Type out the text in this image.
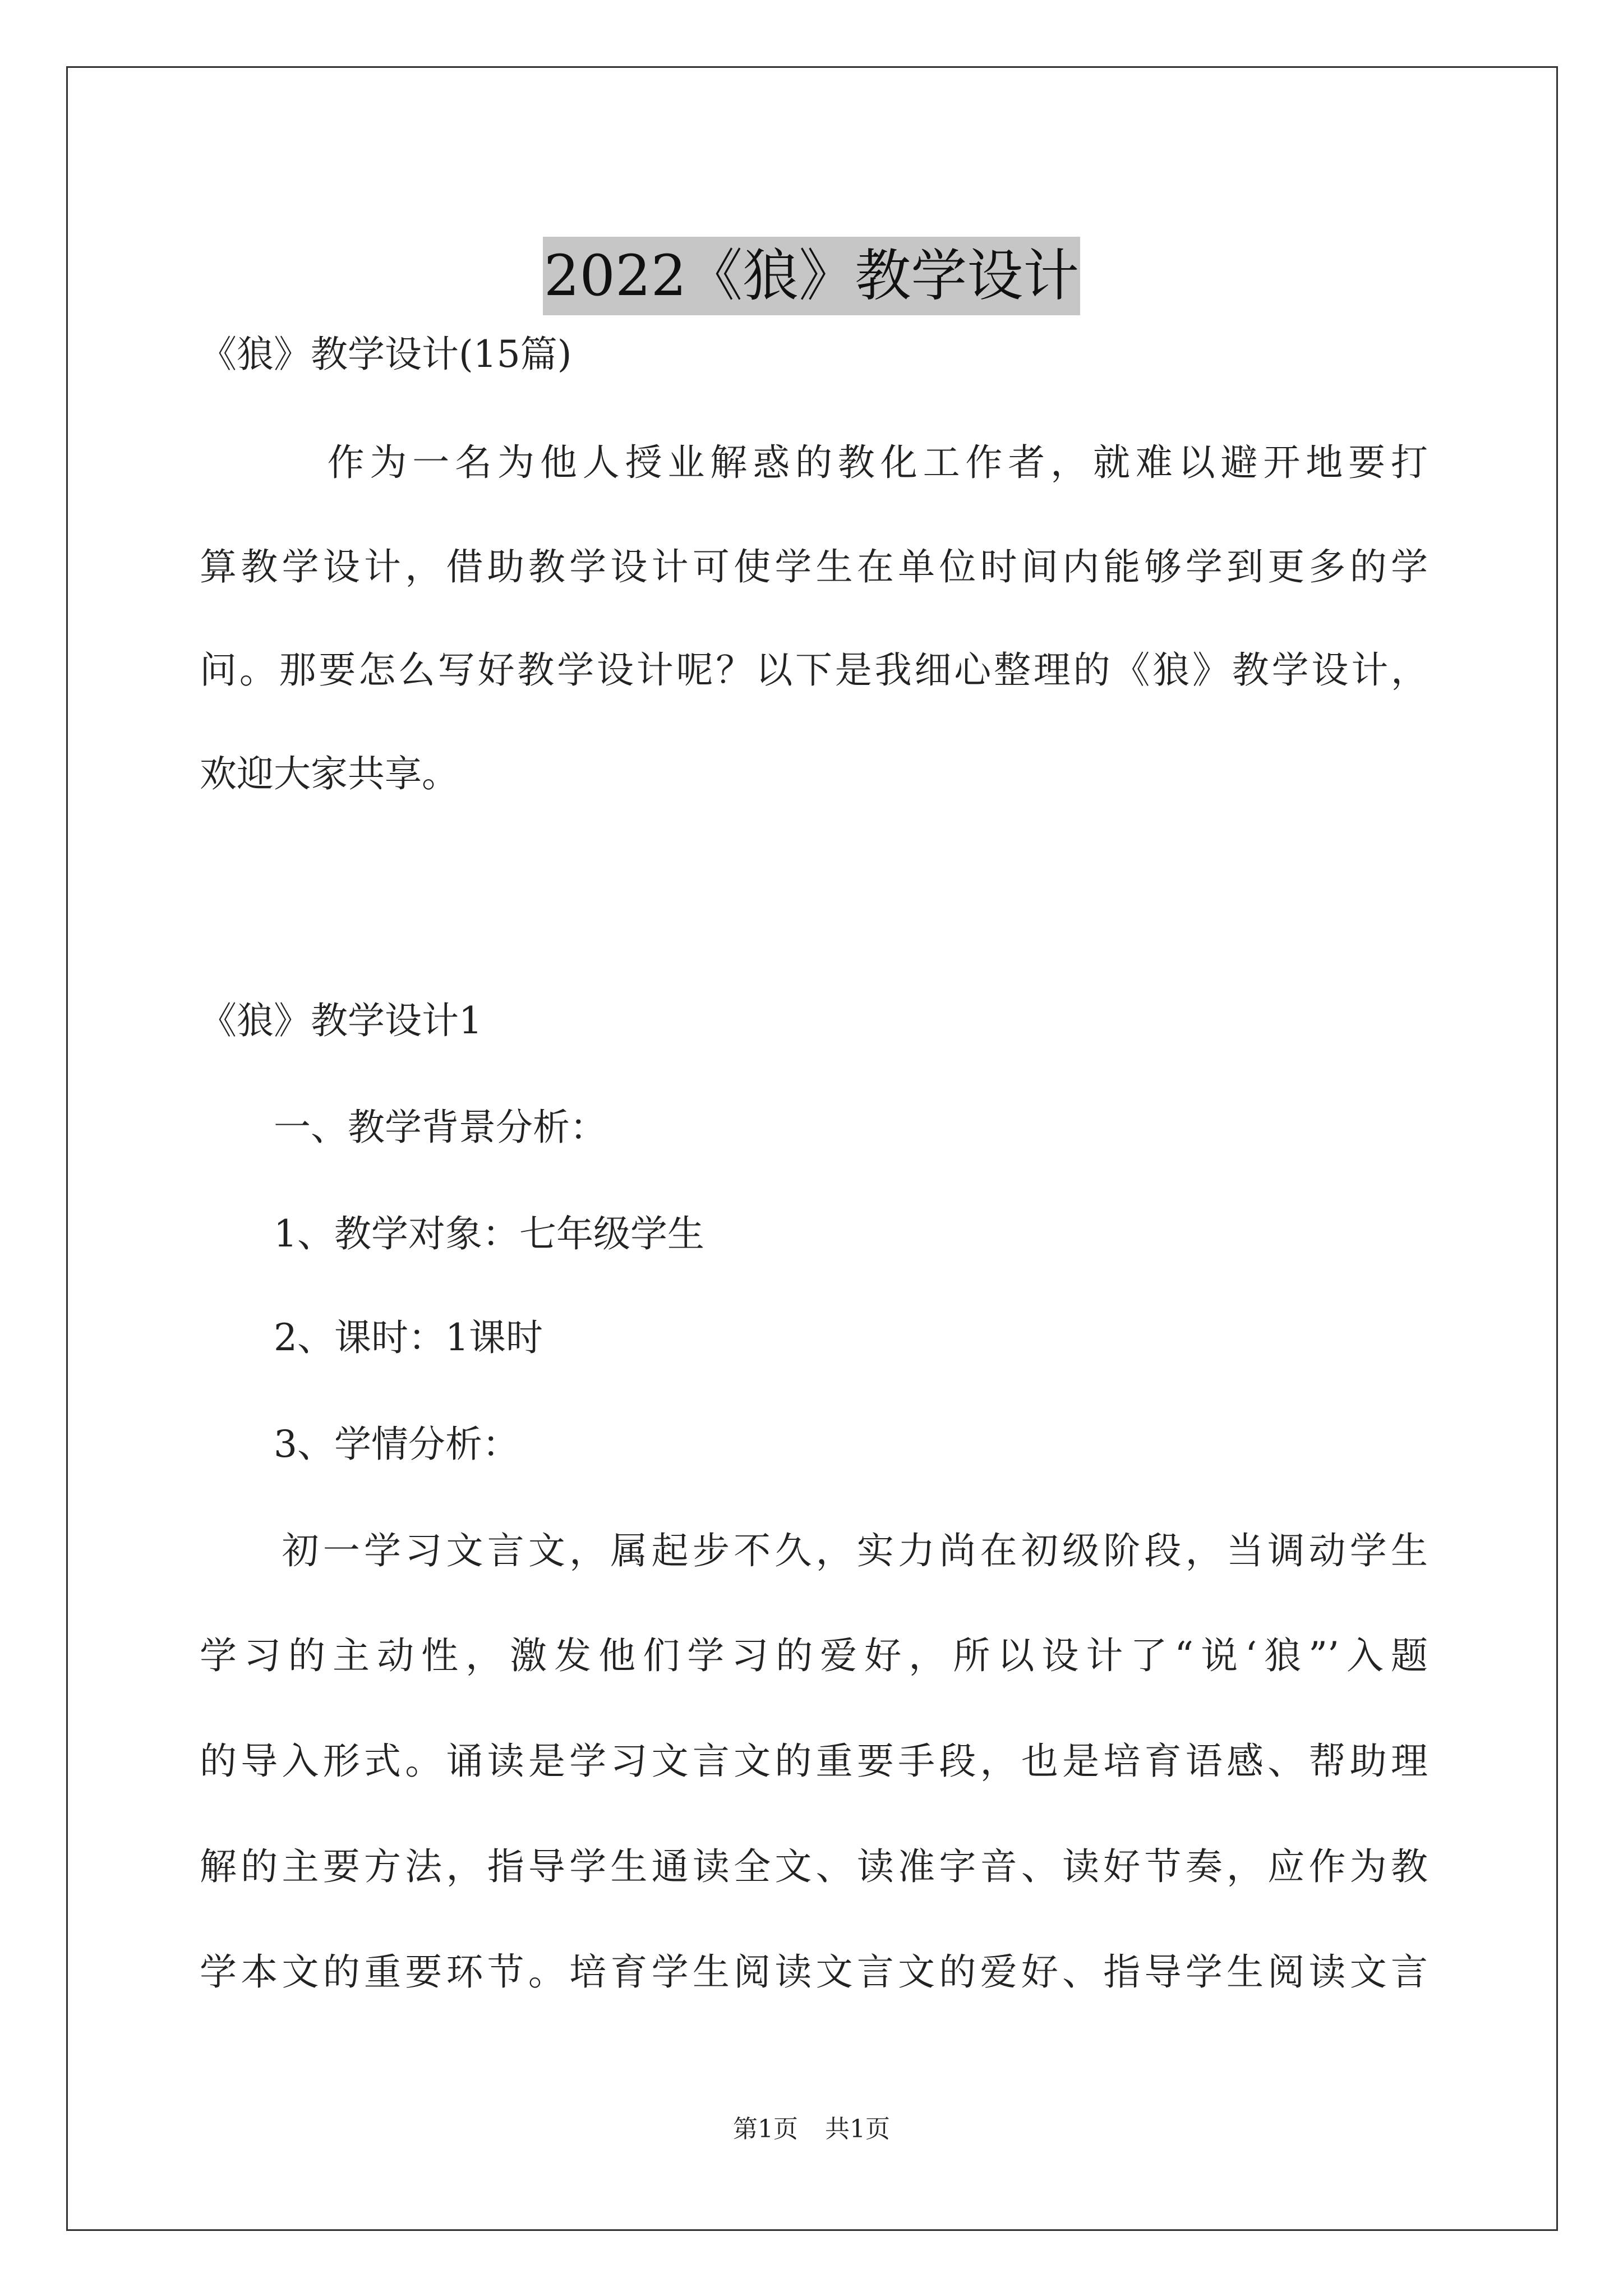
2022《狼》教学设计
《狼》教学设计(15篇)
　　　作为一名为他人授业解惑的教化工作者，就难以避开地要打
算教学设计，借助教学设计可使学生在单位时间内能够学到更多的学
问。那要怎么写好教学设计呢？以下是我细心整理的《狼》教学设计，
欢迎大家共享。
《狼》教学设计1
　　一、教学背景分析：
　　1、教学对象：七年级学生
　　2、课时：1课时
　　3、学情分析：
　　初一学习文言文，属起步不久，实力尚在初级阶段，当调动学生
学习的主动性，激发他们学习的爱好，所以设计了“说‘狼”’入题
的导入形式。诵读是学习文言文的重要手段，也是培育语感、帮助理
解的主要方法，指导学生通读全文、读准字音、读好节奏，应作为教
学本文的重要环节。培育学生阅读文言文的爱好、指导学生阅读文言
第1页 共1页
